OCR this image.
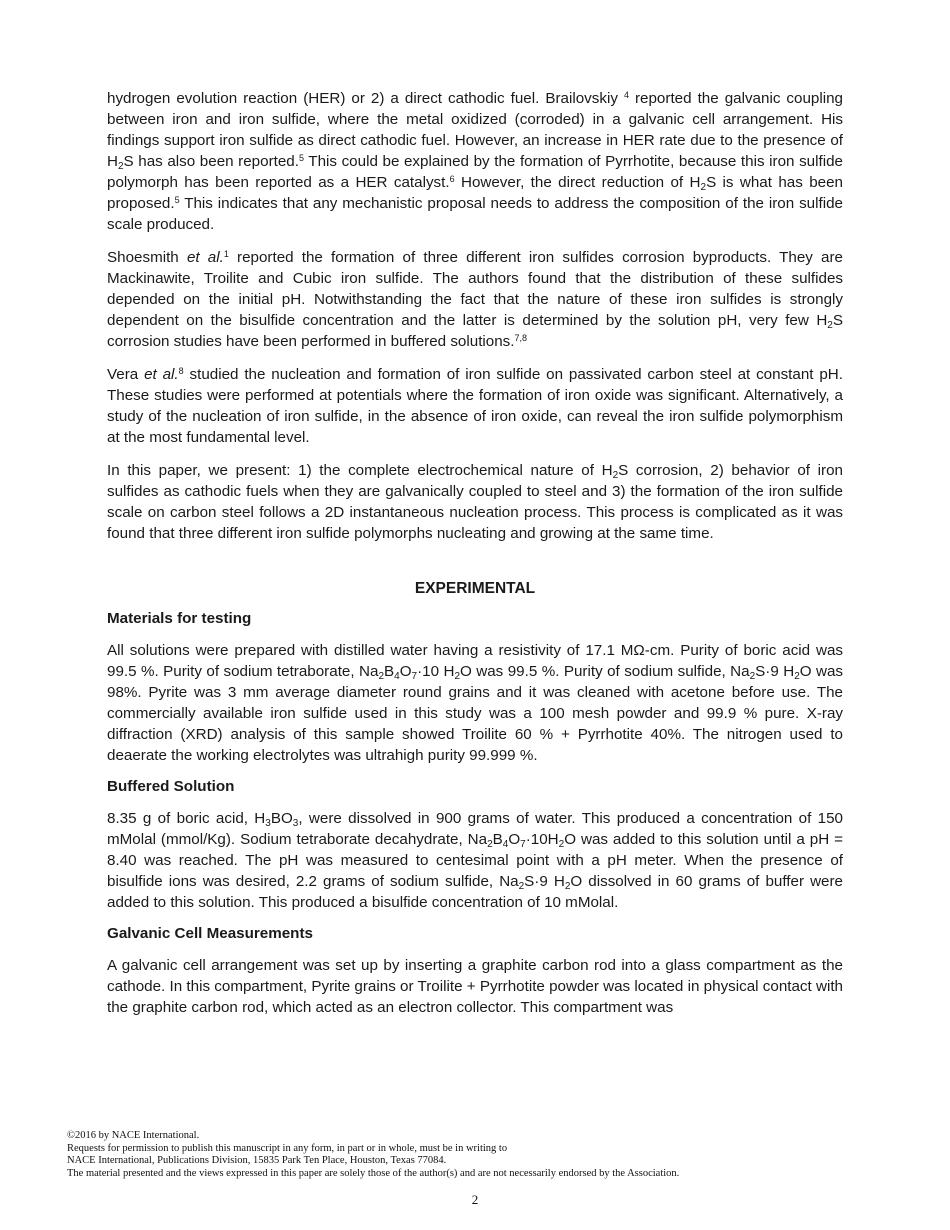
hydrogen evolution reaction (HER) or 2) a direct cathodic fuel. Brailovskiy $^4$ reported the galvanic coupling between iron and iron sulfide, where the metal oxidized (corroded) in a galvanic cell arrangement. His findings support iron sulfide as direct cathodic fuel. However, an increase in HER rate due to the presence of $H_2S$ has also been reported.$^5$ This could be explained by the formation of Pyrrhotite, because this iron sulfide polymorph has been reported as a HER catalyst.$^6$ However, the direct reduction of $H_2S$ is what has been proposed.$^5$ This indicates that any mechanistic proposal needs to address the composition of the iron sulfide scale produced.

Shoesmith et al.$^1$ reported the formation of three different iron sulfides corrosion byproducts. They are Mackinawite, Troilite and Cubic iron sulfide. The authors found that the distribution of these sulfides depended on the initial pH. Notwithstanding the fact that the nature of these iron sulfides is strongly dependent on the bisulfide concentration and the latter is determined by the solution pH, very few $H_2S$ corrosion studies have been performed in buffered solutions.$^{7,8}$

Vera et al.$^8$ studied the nucleation and formation of iron sulfide on passivated carbon steel at constant pH. These studies were performed at potentials where the formation of iron oxide was significant. Alternatively, a study of the nucleation of iron sulfide, in the absence of iron oxide, can reveal the iron sulfide polymorphism at the most fundamental level.

In this paper, we present: 1) the complete electrochemical nature of $H_2S$ corrosion, 2) behavior of iron sulfides as cathodic fuels when they are galvanically coupled to steel and 3) the formation of the iron sulfide scale on carbon steel follows a 2D instantaneous nucleation process. This process is complicated as it was found that three different iron sulfide polymorphs nucleating and growing at the same time.

EXPERIMENTAL
Materials for testing

All solutions were prepared with distilled water having a resistivity of 17.1 MΩ-cm. Purity of boric acid was 99.5 %. Purity of sodium tetraborate, $Na_2B_4O_7\cdot 10$ $H_2O$ was 99.5 %. Purity of sodium sulfide, $Na_2S\cdot 9$ $H_2O$ was 98%. Pyrite was 3 mm average diameter round grains and it was cleaned with acetone before use. The commercially available iron sulfide used in this study was a 100 mesh powder and 99.9 % pure. X-ray diffraction (XRD) analysis of this sample showed Troilite 60 % + Pyrrhotite 40%. The nitrogen used to deaerate the working electrolytes was ultrahigh purity 99.999 %.

Buffered Solution

8.35 g of boric acid, $H_3BO_3$, were dissolved in 900 grams of water. This produced a concentration of 150 mMolal (mmol/Kg). Sodium tetraborate decahydrate, $Na_2B_4O_7\cdot 10H_2O$ was added to this solution until a pH = 8.40 was reached. The pH was measured to centesimal point with a pH meter. When the presence of bisulfide ions was desired, 2.2 grams of sodium sulfide, $Na_2S\cdot 9$ $H_2O$ dissolved in 60 grams of buffer were added to this solution. This produced a bisulfide concentration of 10 mMolal.

Galvanic Cell Measurements

A galvanic cell arrangement was set up by inserting a graphite carbon rod into a glass compartment as the cathode. In this compartment, Pyrite grains or Troilite + Pyrrhotite powder was located in physical contact with the graphite carbon rod, which acted as an electron collector. This compartment was

©2016 by NACE International.
Requests for permission to publish this manuscript in any form, in part or in whole, must be in writing to
NACE International, Publications Division, 15835 Park Ten Place, Houston, Texas 77084.
The material presented and the views expressed in this paper are solely those of the author(s) and are not necessarily endorsed by the Association.
2
